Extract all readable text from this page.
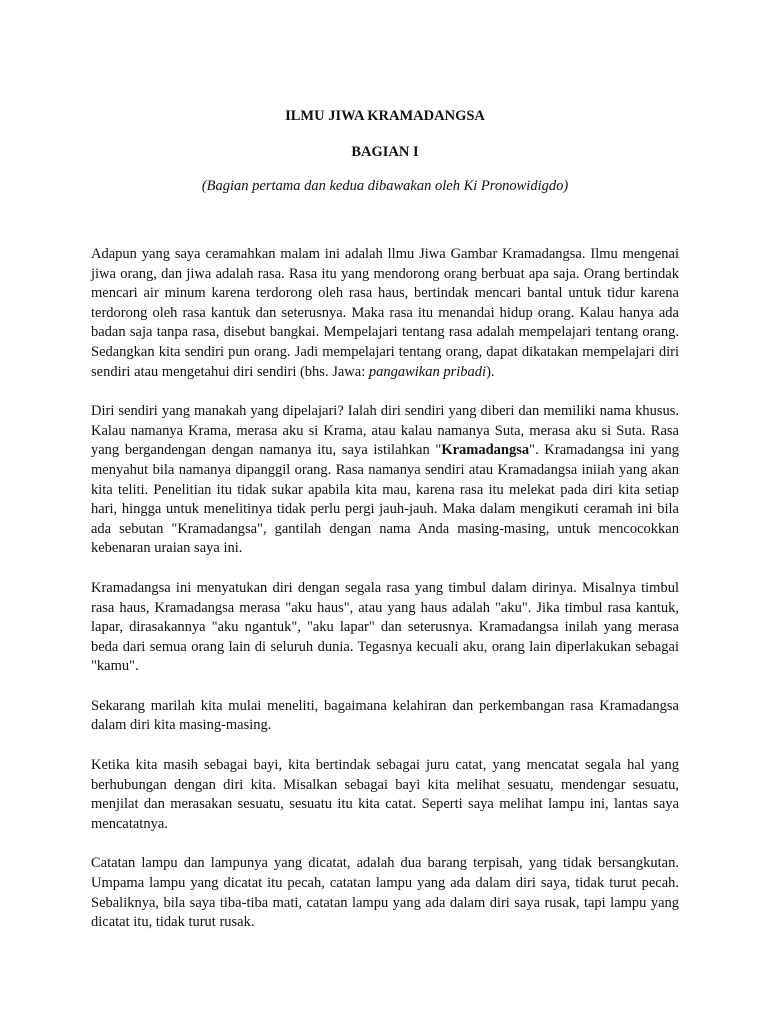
ILMU JIWA KRAMADANGSA
BAGIAN I

(Bagian pertama dan kedua dibawakan oleh Ki Pronowidigdo)

Adapun yang saya ceramahkan malam ini adalah llmu Jiwa Gambar Kramadangsa. Ilmu mengenai jiwa orang, dan jiwa adalah rasa. Rasa itu yang mendorong orang berbuat apa saja. Orang bertindak mencari air minum karena terdorong oleh rasa haus, bertindak mencari bantal untuk tidur karena terdorong oleh rasa kantuk dan seterusnya. Maka rasa itu menandai hidup orang. Kalau hanya ada badan saja tanpa rasa, disebut bangkai. Mempelajari tentang rasa adalah mempelajari tentang orang. Sedangkan kita sendiri pun orang. Jadi mempelajari tentang orang, dapat dikatakan mempelajari diri sendiri atau mengetahui diri sendiri (bhs. Jawa: pangawikan pribadi).

Diri sendiri yang manakah yang dipelajari? Ialah diri sendiri yang diberi dan memiliki nama khusus. Kalau namanya Krama, merasa aku si Krama, atau kalau namanya Suta, merasa aku si Suta. Rasa yang bergandengan dengan namanya itu, saya istilahkan "Kramadangsa". Kramadangsa ini yang menyahut bila namanya dipanggil orang. Rasa namanya sendiri atau Kramadangsa iniiah yang akan kita teliti. Penelitian itu tidak sukar apabila kita mau, karena rasa itu melekat pada diri kita setiap hari, hingga untuk menelitinya tidak perlu pergi jauh-jauh. Maka dalam mengikuti ceramah ini bila ada sebutan "Kramadangsa", gantilah dengan nama Anda masing-masing, untuk mencocokkan kebenaran uraian saya ini.

Kramadangsa ini menyatukan diri dengan segala rasa yang timbul dalam dirinya. Misalnya timbul rasa haus, Kramadangsa merasa "aku haus", atau yang haus adalah "aku". Jika timbul rasa kantuk, lapar, dirasakannya "aku ngantuk", "aku lapar" dan seterusnya. Kramadangsa inilah yang merasa beda dari semua orang lain di seluruh dunia. Tegasnya kecuali aku, orang lain diperlakukan sebagai "kamu".

Sekarang marilah kita mulai meneliti, bagaimana kelahiran dan perkembangan rasa Kramadangsa dalam diri kita masing-masing.

Ketika kita masih sebagai bayi, kita bertindak sebagai juru catat, yang mencatat segala hal yang berhubungan dengan diri kita. Misalkan sebagai bayi kita melihat sesuatu, mendengar sesuatu, menjilat dan merasakan sesuatu, sesuatu itu kita catat. Seperti saya melihat lampu ini, lantas saya mencatatnya.

Catatan lampu dan lampunya yang dicatat, adalah dua barang terpisah, yang tidak bersangkutan. Umpama lampu yang dicatat itu pecah, catatan lampu yang ada dalam diri saya, tidak turut pecah. Sebaliknya, bila saya tiba-tiba mati, catatan lampu yang ada dalam diri saya rusak, tapi lampu yang dicatat itu, tidak turut rusak.
